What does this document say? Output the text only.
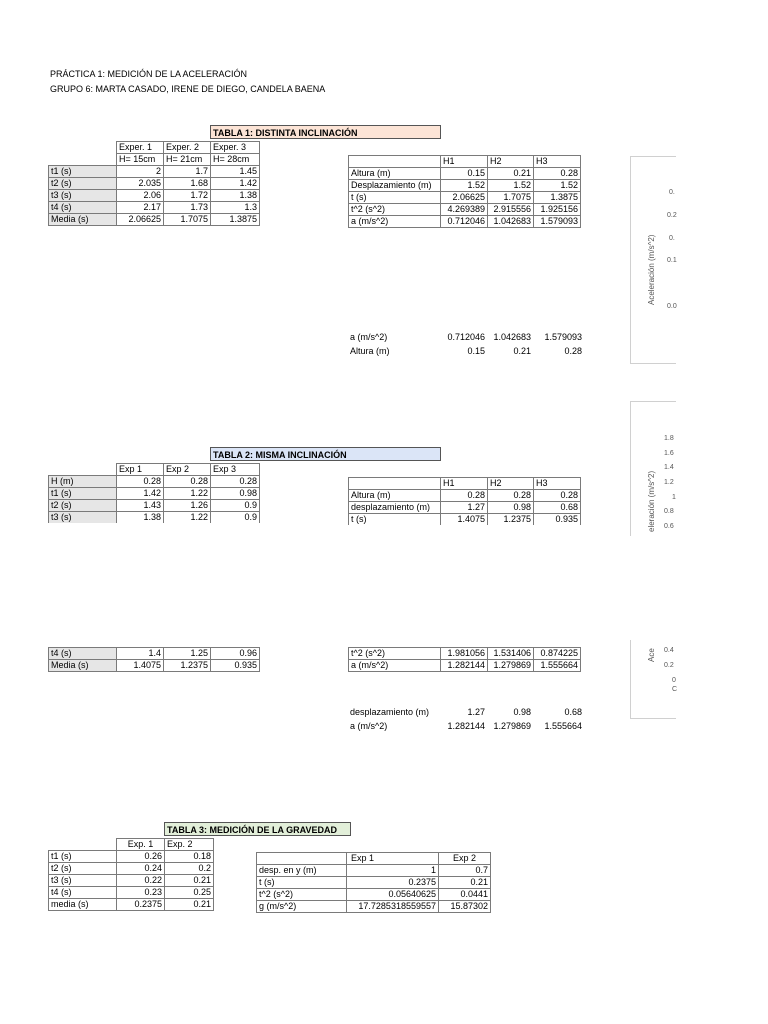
PRÁCTICA 1: MEDICIÓN DE LA ACELERACIÓN
GRUPO 6: MARTA CASADO, IRENE DE DIEGO, CANDELA BAENA
TABLA 1: DISTINTA INCLINACIÓN
	Exper. 1	Exper. 2	Exper. 3
	H= 15cm	H= 21cm	H= 28cm
t1 (s)	2	1.7	1.45
t2 (s)	2.035	1.68	1.42
t3 (s)	2.06	1.72	1.38
t4 (s)	2.17	1.73	1.3
Media (s)	2.06625	1.7075	1.3875
	H1	H2	H3
Altura (m)	0.15	0.21	0.28
Desplazamiento (m)	1.52	1.52	1.52
t (s)	2.06625	1.7075	1.3875
t^2 (s^2)	4.269389	2.915556	1.925156
a (m/s^2)	0.712046	1.042683	1.579093
a (m/s^2)	0.712046	1.042683	1.579093
Altura (m)	0.15	0.21	0.28
Aceleración (m/s^2)
0.
0.2
0.
0.1
0.0
TABLA 2: MISMA INCLINACIÓN
	Exp 1	Exp 2	Exp 3
H (m)	0.28	0.28	0.28
t1 (s)	1.42	1.22	0.98
t2 (s)	1.43	1.26	0.9
t3 (s)	1.38	1.22	0.9
	H1	H2	H3
Altura (m)	0.28	0.28	0.28
desplazamiento (m)	1.27	0.98	0.68
t (s)	1.4075	1.2375	0.935	eleración (m/s^2)
1.8
1.6
1.4
1.2
1
0.8
0.6
t4 (s)	1.4	1.25	0.96
Media (s)	1.4075	1.2375	0.935
t^2 (s^2)	1.981056	1.531406	0.874225
a (m/s^2)	1.282144	1.279869	1.555664
Ace 0.4
0.2
0
C
desplazamiento (m)	1.27	0.98	0.68
a (m/s^2)	1.282144	1.279869	1.555664
TABLA 3: MEDICIÓN DE LA GRAVEDAD
	Exp. 1	Exp. 2
t1 (s)	0.26	0.18
t2 (s)	0.24	0.2
t3 (s)	0.22	0.21
t4 (s)	0.23	0.25
media (s)	0.2375	0.21
	Exp 1	Exp 2
desp. en y (m)	1	0.7
t (s)	0.2375	0.21
t^2 (s^2)	0.05640625	0.0441
g (m/s^2)	17.7285318559557	15.87302
